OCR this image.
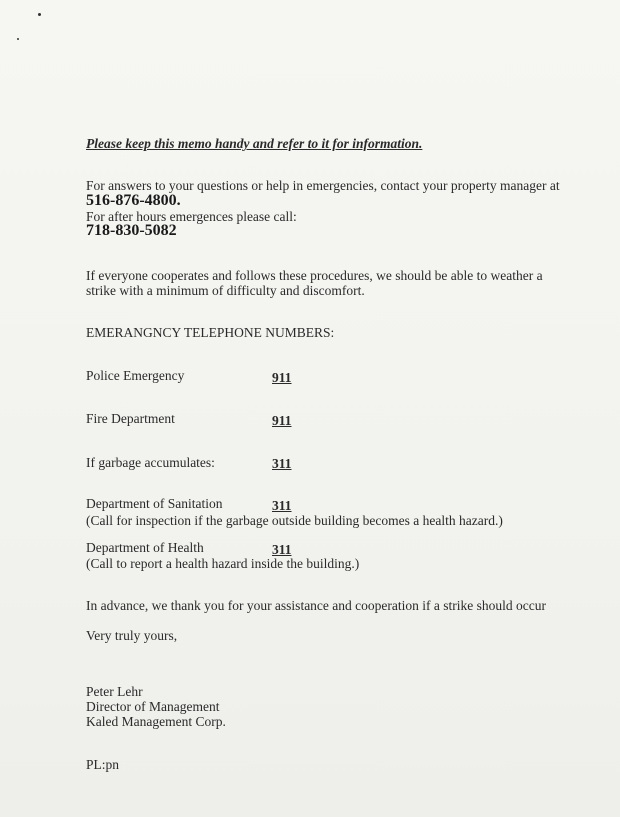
Please keep this memo handy and refer to it for information.
For answers to your questions or help in emergencies, contact your property manager at
516-876-4800.
For after hours emergences please call:
718-830-5082
If everyone cooperates and follows these procedures, we should be able to weather a
strike with a minimum of difficulty and discomfort.
EMERANGNCY TELEPHONE NUMBERS:
Police Emergency	911
Fire Department	911
If garbage accumulates:	311
Department of Sanitation	311
(Call for inspection if the garbage outside building becomes a health hazard.)
Department of Health	311
(Call to report a health hazard inside the building.)
In advance, we thank you for your assistance and cooperation if a strike should occur
Very truly yours,
Peter Lehr
Director of Management
Kaled Management Corp.
PL:pn
